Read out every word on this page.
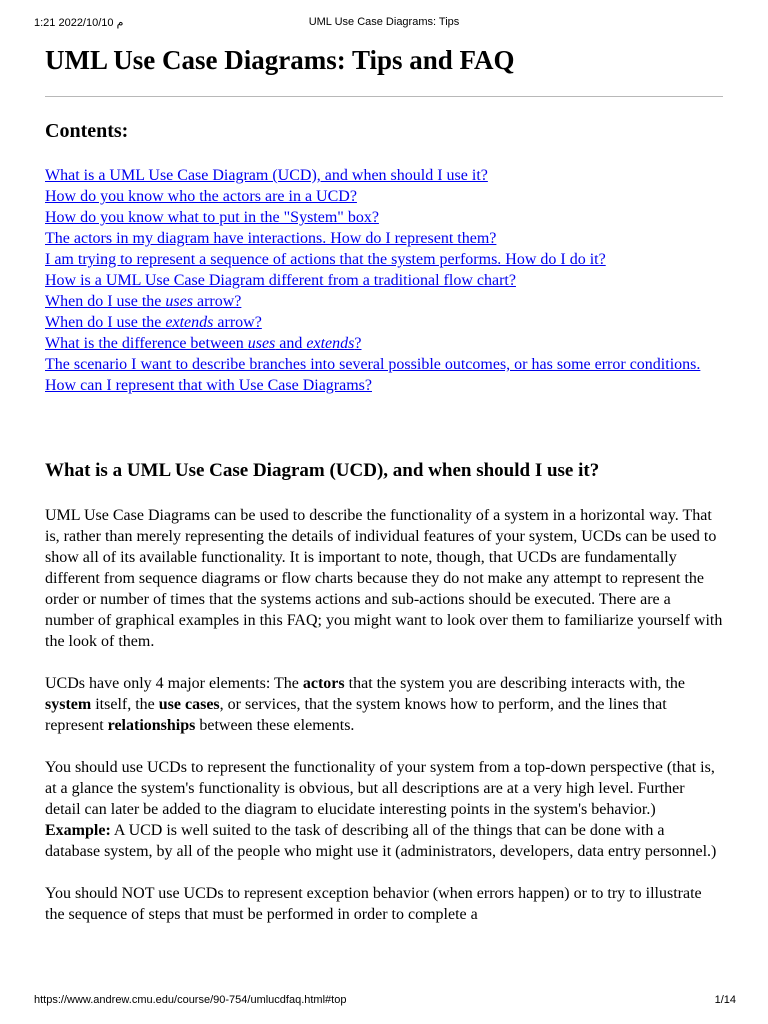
1:21 2022/10/10 م	UML Use Case Diagrams: Tips
UML Use Case Diagrams: Tips and FAQ
Contents:
What is a UML Use Case Diagram (UCD), and when should I use it?
How do you know who the actors are in a UCD?
How do you know what to put in the "System" box?
The actors in my diagram have interactions. How do I represent them?
I am trying to represent a sequence of actions that the system performs. How do I do it?
How is a UML Use Case Diagram different from a traditional flow chart?
When do I use the uses arrow?
When do I use the extends arrow?
What is the difference between uses and extends?
The scenario I want to describe branches into several possible outcomes, or has some error conditions. How can I represent that with Use Case Diagrams?
What is a UML Use Case Diagram (UCD), and when should I use it?

UML Use Case Diagrams can be used to describe the functionality of a system in a horizontal way. That is, rather than merely representing the details of individual features of your system, UCDs can be used to show all of its available functionality. It is important to note, though, that UCDs are fundamentally different from sequence diagrams or flow charts because they do not make any attempt to represent the order or number of times that the systems actions and sub-actions should be executed. There are a number of graphical examples in this FAQ; you might want to look over them to familiarize yourself with the look of them.

UCDs have only 4 major elements: The actors that the system you are describing interacts with, the system itself, the use cases, or services, that the system knows how to perform, and the lines that represent relationships between these elements.

You should use UCDs to represent the functionality of your system from a top-down perspective (that is, at a glance the system's functionality is obvious, but all descriptions are at a very high level. Further detail can later be added to the diagram to elucidate interesting points in the system's behavior.)

Example: A UCD is well suited to the task of describing all of the things that can be done with a database system, by all of the people who might use it (administrators, developers, data entry personnel.)

You should NOT use UCDs to represent exception behavior (when errors happen) or to try to illustrate the sequence of steps that must be performed in order to complete a

https://www.andrew.cmu.edu/course/90-754/umlucdfaq.html#top	1/14
